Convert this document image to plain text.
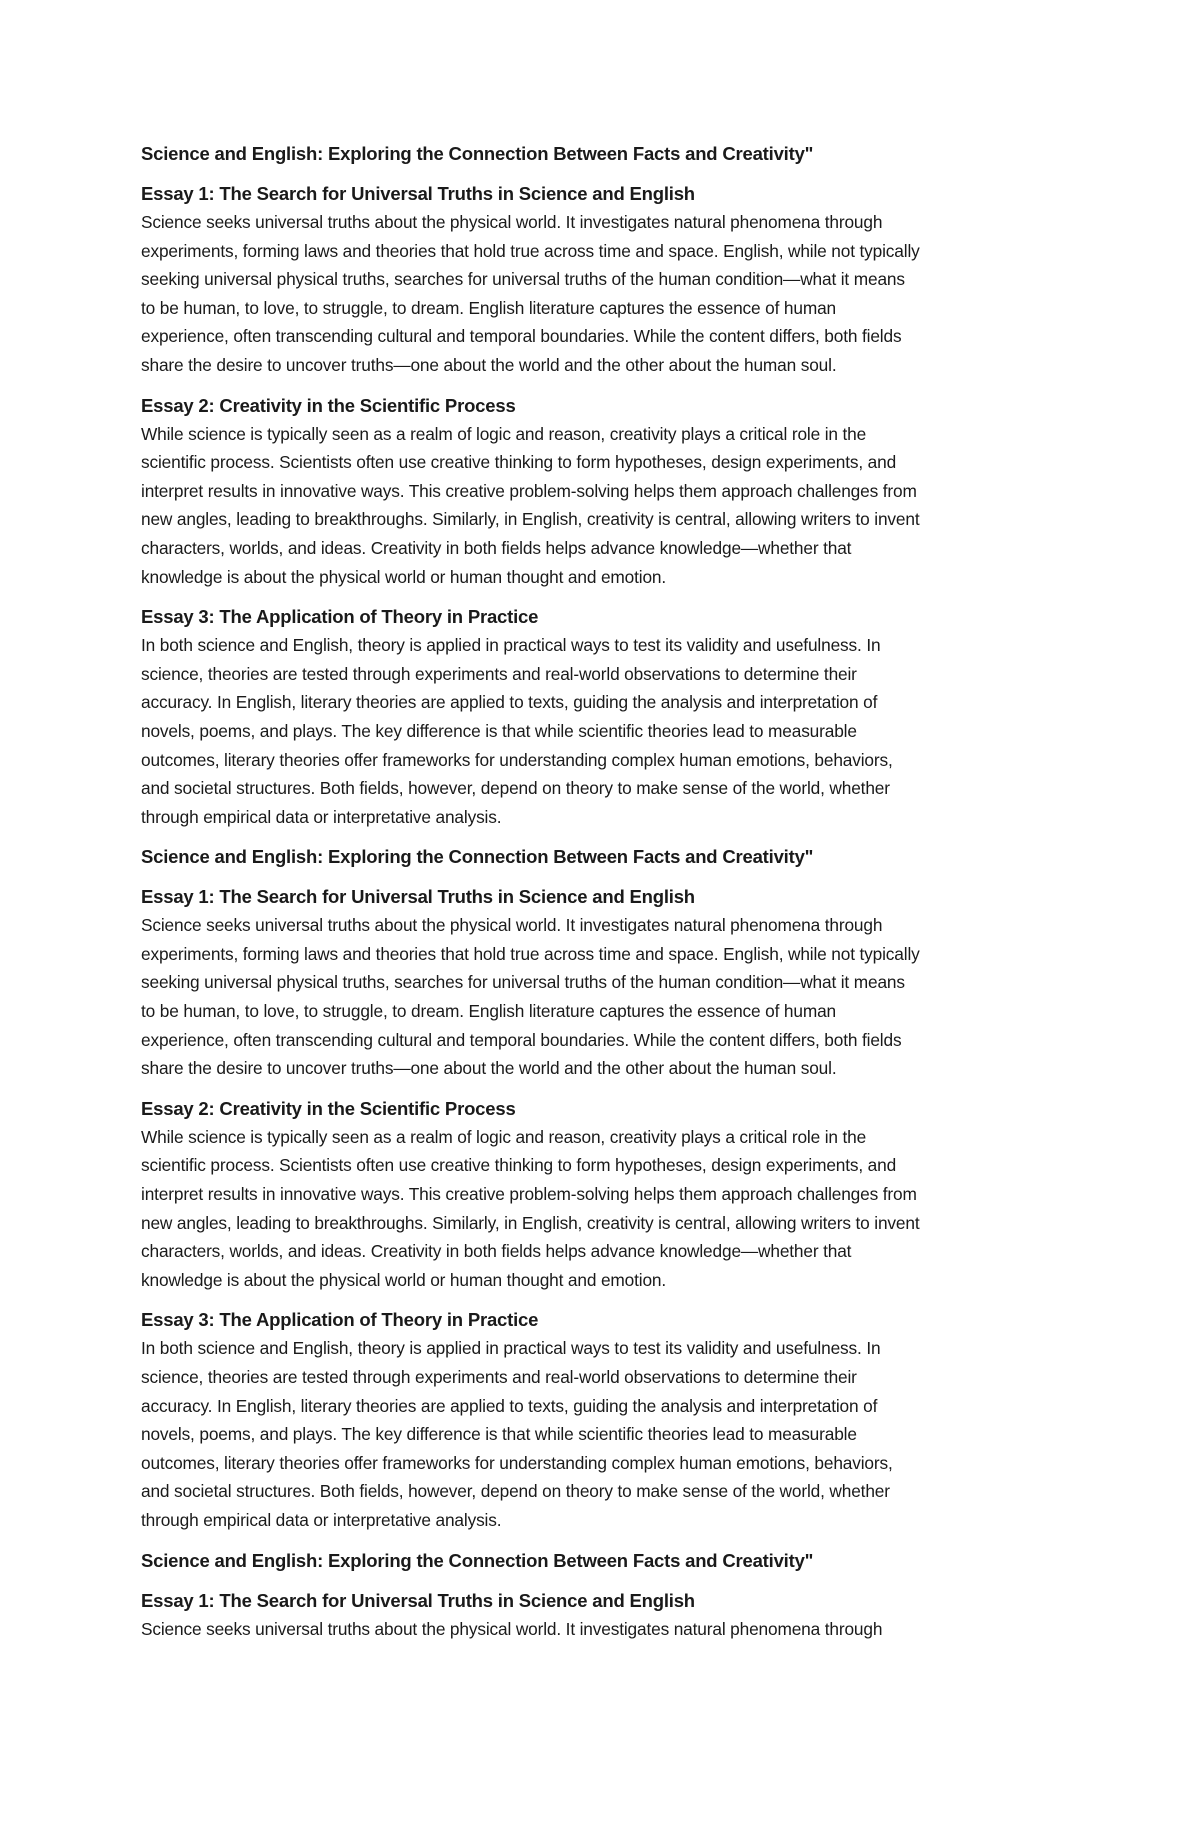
Science and English: Exploring the Connection Between Facts and Creativity"
Essay 1: The Search for Universal Truths in Science and English
Science seeks universal truths about the physical world. It investigates natural phenomena through
experiments, forming laws and theories that hold true across time and space. English, while not typically
seeking universal physical truths, searches for universal truths of the human condition—what it means
to be human, to love, to struggle, to dream. English literature captures the essence of human
experience, often transcending cultural and temporal boundaries. While the content differs, both fields
share the desire to uncover truths—one about the world and the other about the human soul.
Essay 2: Creativity in the Scientific Process
While science is typically seen as a realm of logic and reason, creativity plays a critical role in the
scientific process. Scientists often use creative thinking to form hypotheses, design experiments, and
interpret results in innovative ways. This creative problem-solving helps them approach challenges from
new angles, leading to breakthroughs. Similarly, in English, creativity is central, allowing writers to invent
characters, worlds, and ideas. Creativity in both fields helps advance knowledge—whether that
knowledge is about the physical world or human thought and emotion.
Essay 3: The Application of Theory in Practice
In both science and English, theory is applied in practical ways to test its validity and usefulness. In
science, theories are tested through experiments and real-world observations to determine their
accuracy. In English, literary theories are applied to texts, guiding the analysis and interpretation of
novels, poems, and plays. The key difference is that while scientific theories lead to measurable
outcomes, literary theories offer frameworks for understanding complex human emotions, behaviors,
and societal structures. Both fields, however, depend on theory to make sense of the world, whether
through empirical data or interpretative analysis.
Science and English: Exploring the Connection Between Facts and Creativity"
Essay 1: The Search for Universal Truths in Science and English
Science seeks universal truths about the physical world. It investigates natural phenomena through
experiments, forming laws and theories that hold true across time and space. English, while not typically
seeking universal physical truths, searches for universal truths of the human condition—what it means
to be human, to love, to struggle, to dream. English literature captures the essence of human
experience, often transcending cultural and temporal boundaries. While the content differs, both fields
share the desire to uncover truths—one about the world and the other about the human soul.
Essay 2: Creativity in the Scientific Process
While science is typically seen as a realm of logic and reason, creativity plays a critical role in the
scientific process. Scientists often use creative thinking to form hypotheses, design experiments, and
interpret results in innovative ways. This creative problem-solving helps them approach challenges from
new angles, leading to breakthroughs. Similarly, in English, creativity is central, allowing writers to invent
characters, worlds, and ideas. Creativity in both fields helps advance knowledge—whether that
knowledge is about the physical world or human thought and emotion.
Essay 3: The Application of Theory in Practice
In both science and English, theory is applied in practical ways to test its validity and usefulness. In
science, theories are tested through experiments and real-world observations to determine their
accuracy. In English, literary theories are applied to texts, guiding the analysis and interpretation of
novels, poems, and plays. The key difference is that while scientific theories lead to measurable
outcomes, literary theories offer frameworks for understanding complex human emotions, behaviors,
and societal structures. Both fields, however, depend on theory to make sense of the world, whether
through empirical data or interpretative analysis.
Science and English: Exploring the Connection Between Facts and Creativity"
Essay 1: The Search for Universal Truths in Science and English
Science seeks universal truths about the physical world. It investigates natural phenomena through
